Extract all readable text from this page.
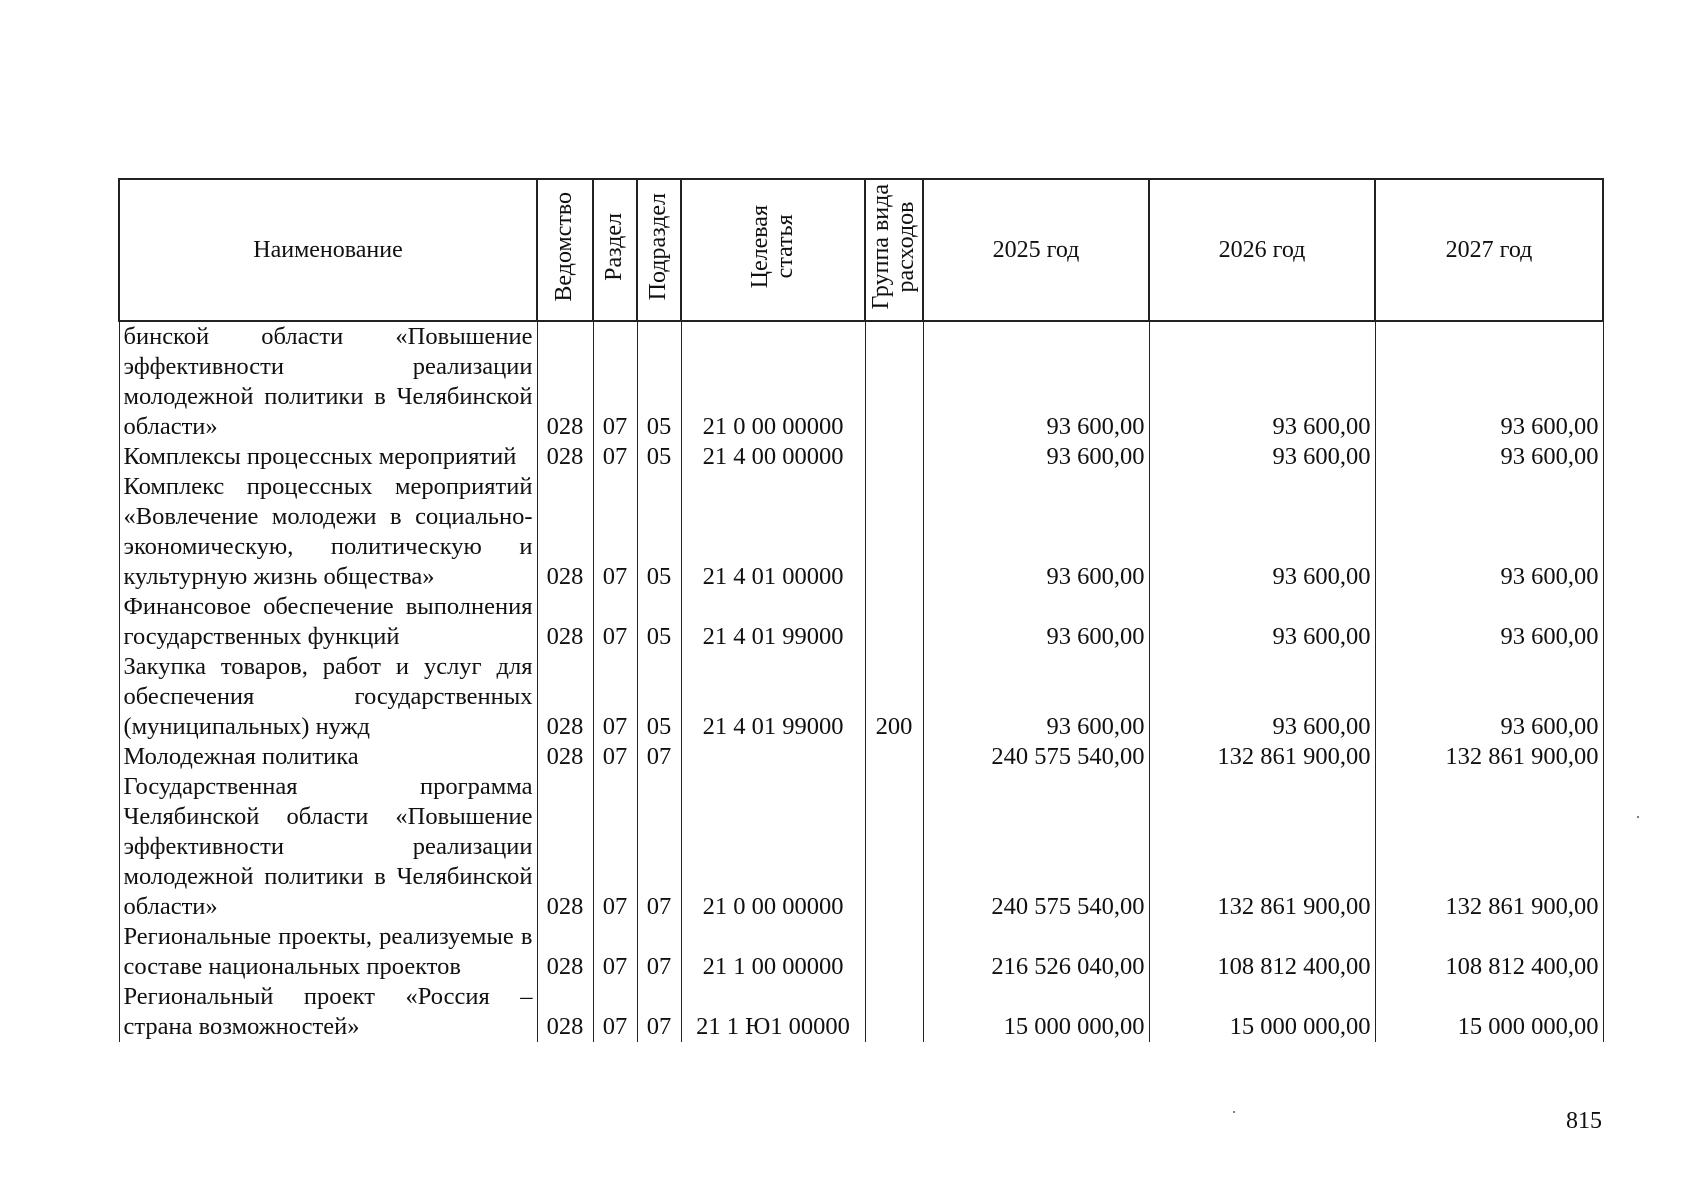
Наименование	Ведомство	Раздел	Подраздел	Целевая
статья	Группа вида
расходов	2025 год	2026 год	2027 год
бинской области «Повышение эффективности реализации молодежной политики в Челябинской области»	028	07	05	21 0 00 00000		93 600,00	93 600,00	93 600,00
Комплексы процессных мероприятий	028	07	05	21 4 00 00000		93 600,00	93 600,00	93 600,00
Комплекс процессных мероприятий «Вовлечение молодежи в социально-экономическую, политическую и культурную жизнь общества»	028	07	05	21 4 01 00000		93 600,00	93 600,00	93 600,00
Финансовое обеспечение выполнения государственных функций	028	07	05	21 4 01 99000		93 600,00	93 600,00	93 600,00
Закупка товаров, работ и услуг для обеспечения государственных (муниципальных) нужд	028	07	05	21 4 01 99000	200	93 600,00	93 600,00	93 600,00
Молодежная политика	028	07	07			240 575 540,00	132 861 900,00	132 861 900,00
Государственная программа Челябинской области «Повышение эффективности реализации молодежной политики в Челябинской области»	028	07	07	21 0 00 00000		240 575 540,00	132 861 900,00	132 861 900,00
Региональные проекты, реализуемые в составе национальных проектов	028	07	07	21 1 00 00000		216 526 040,00	108 812 400,00	108 812 400,00
Региональный проект «Россия – страна возможностей»	028	07	07	21 1 Ю1 00000		15 000 000,00	15 000 000,00	15 000 000,00
815
